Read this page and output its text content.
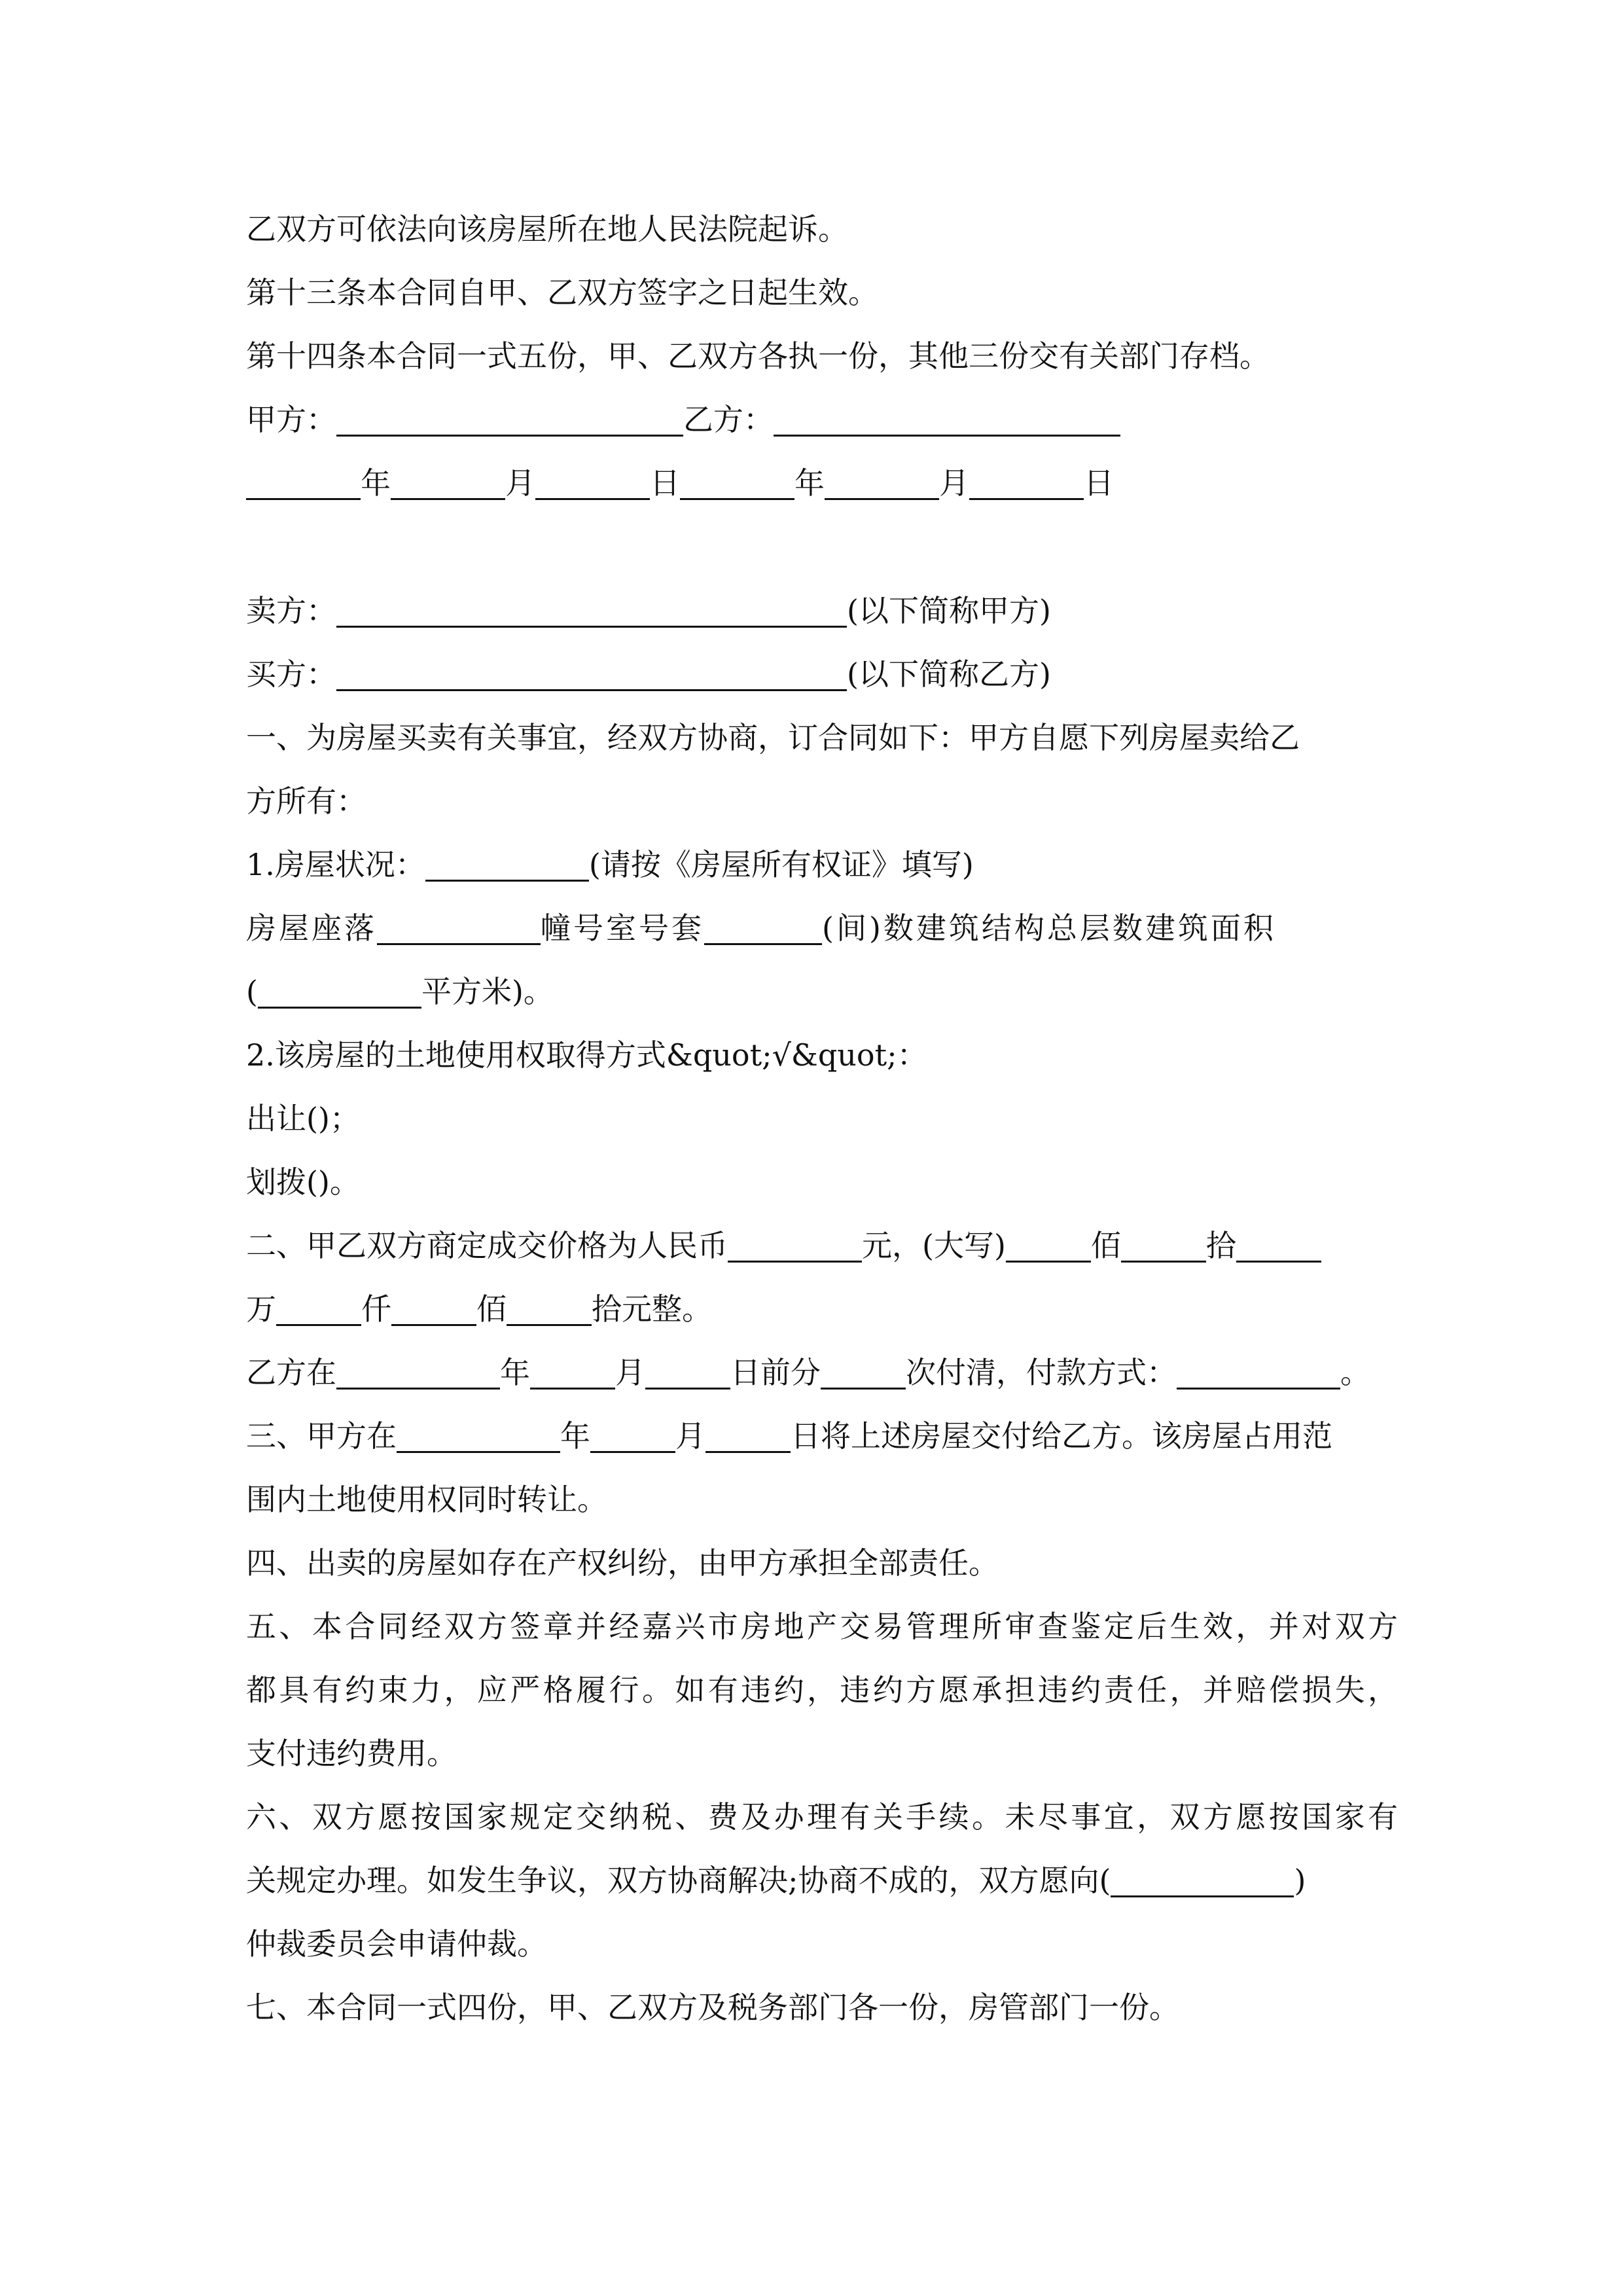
乙双方可依法向该房屋所在地人民法院起诉。
第十三条本合同自甲、乙双方签字之日起生效。
第十四条本合同一式五份，甲、乙双方各执一份，其他三份交有关部门存档。
甲方：	乙方：
年	月	日	年	月	日
卖方：	(以下简称甲方)
买方：	(以下简称乙方)
一、为房屋买卖有关事宜，经双方协商，订合同如下：甲方自愿下列房屋卖给乙
方所有：
1.房屋状况：	(请按《房屋所有权证》填写)
房屋座落	幢号室号套	(间)数建筑结构总层数建筑面积
(	平方米)。
2.该房屋的土地使用权取得方式&quot;√&quot;：
出让()；
划拨()。
二、甲乙双方商定成交价格为人民币	元，(大写)	佰	拾
万	仟	佰	拾元整。
乙方在	年	月	日前分	次付清，付款方式：	。
三、甲方在	年	月	日将上述房屋交付给乙方。该房屋占用范
围内土地使用权同时转让。
四、出卖的房屋如存在产权纠纷，由甲方承担全部责任。
五、本合同经双方签章并经嘉兴市房地产交易管理所审查鉴定后生效，并对双方
都具有约束力，应严格履行。如有违约，违约方愿承担违约责任，并赔偿损失，
支付违约费用。
六、双方愿按国家规定交纳税、费及办理有关手续。未尽事宜，双方愿按国家有
关规定办理。如发生争议，双方协商解决;协商不成的，双方愿向(	)
仲裁委员会申请仲裁。
七、本合同一式四份，甲、乙双方及税务部门各一份，房管部门一份。
